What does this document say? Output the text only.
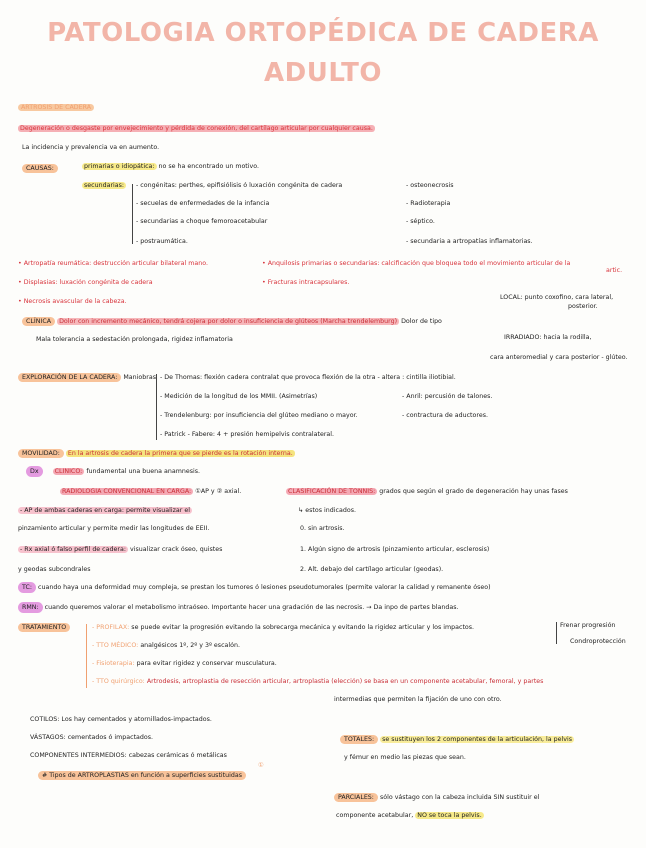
PATOLOGIA ORTOPÉDICA DE CADERA
ADULTO
ARTROSIS DE CADERA
Degeneración o desgaste por envejecimiento y pérdida de conexión, del cartílago articular por cualquier causa.
La incidencia y prevalencia va en aumento.
CAUSAS:	primarias o idiopática: no se ha encontrado un motivo.
secundarias:	- congénitas: perthes, epifisiólisis ó luxación congénita de cadera
- secuelas de enfermedades de la infancia
- secundarias a choque femoroacetabular
- postraumática.
- osteonecrosis
- Radioterapia
- séptico.
- secundaria a artropatías inflamatorias.
• Artropatía reumática: destrucción articular bilateral mano.
• Displasias: luxación congénita de cadera
• Necrosis avascular de la cabeza.
• Anquilosis primarias o secundarias: calcificación que bloquea todo el movimiento articular de la
artic.
• Fracturas intracapsulares.
CLÍNICA Dolor con incremento mecánico, tendrá cojera por dolor o insuficiencia de glúteos (Marcha trendelemburg) Dolor de tipo
LOCAL: punto coxofino, cara lateral,
posterior.
IRRADIADO: hacia la rodilla,
cara anteromedial y cara posterior - glúteo.
Mala tolerancia a sedestación prolongada, rigidez inflamatoria
EXPLORACIÓN DE LA CADERA: Maniobras - De Thomas: flexión cadera contralat que provoca flexión de la otra - altera : cintilla iliotibial.
- Medición de la longitud de los MMII. (Asimetrías)
- Trendelenburg: por insuficiencia del glúteo mediano o mayor.
- Patrick - Fabere: 4 + presión hemipelvis contralateral.
- Anril: percusión de talones.
- contractura de aductores.
MOVILIDAD: En la artrosis de cadera la primera que se pierde es la rotación interna.
Dx	CLINICO: fundamental una buena anamnesis.
RADIOLOGIA CONVENCIONAL EN CARGA: ①AP y ② axial.
- AP de ambas caderas en carga: permite visualizar el
pinzamiento articular y permite medir las longitudes de EEII.
- Rx axial ó falso perfil de cadera: visualizar crack óseo, quistes
y geodas subcondrales
CLASIFICACIÓN DE TONNIS: grados que según el grado de degeneración hay unas fases
↳ estos indicados.
0. sin artrosis.
1. Algún signo de artrosis (pinzamiento articular, esclerosis)
2. Alt. debajo del cartílago articular (geodas).
TC: cuando haya una deformidad muy compleja, se prestan los tumores ó lesiones pseudotumorales (permite valorar la calidad y remanente óseo)
RMN: cuando queremos valorar el metabolismo intraóseo. Importante hacer una gradación de las necrosis. → Da inpo de partes blandas.
TRATAMIENTO	- PROFILAX: se puede evitar la progresión evitando la sobrecarga mecánica y evitando la rigidez articular y los impactos.
- TTO MÉDICO: analgésicos 1º, 2º y 3º escalón.
- Fisioterapia: para evitar rigidez y conservar musculatura.
- TTO quirúrgico: Artrodesis, artroplastia de resección articular, artroplastia (elección) se basa en un componente acetabular, femoral, y partes
intermedias que permiten la fijación de uno con otro.
Frenar progresión
Condroprotección
COTILOS: Los hay cementados y atornillados-impactados.
VÁSTAGOS: cementados ó impactados.
COMPONENTES INTERMEDIOS: cabezas cerámicas ó metálicas
# Tipos de ARTROPLASTIAS en función a superficies sustituidas
①
TOTALES: se sustituyen los 2 componentes de la articulación, la pelvis
y fémur en medio las piezas que sean.
PARCIALES: sólo vástago con la cabeza incluida SIN sustituir el
componente acetabular, NO se toca la pelvis.
